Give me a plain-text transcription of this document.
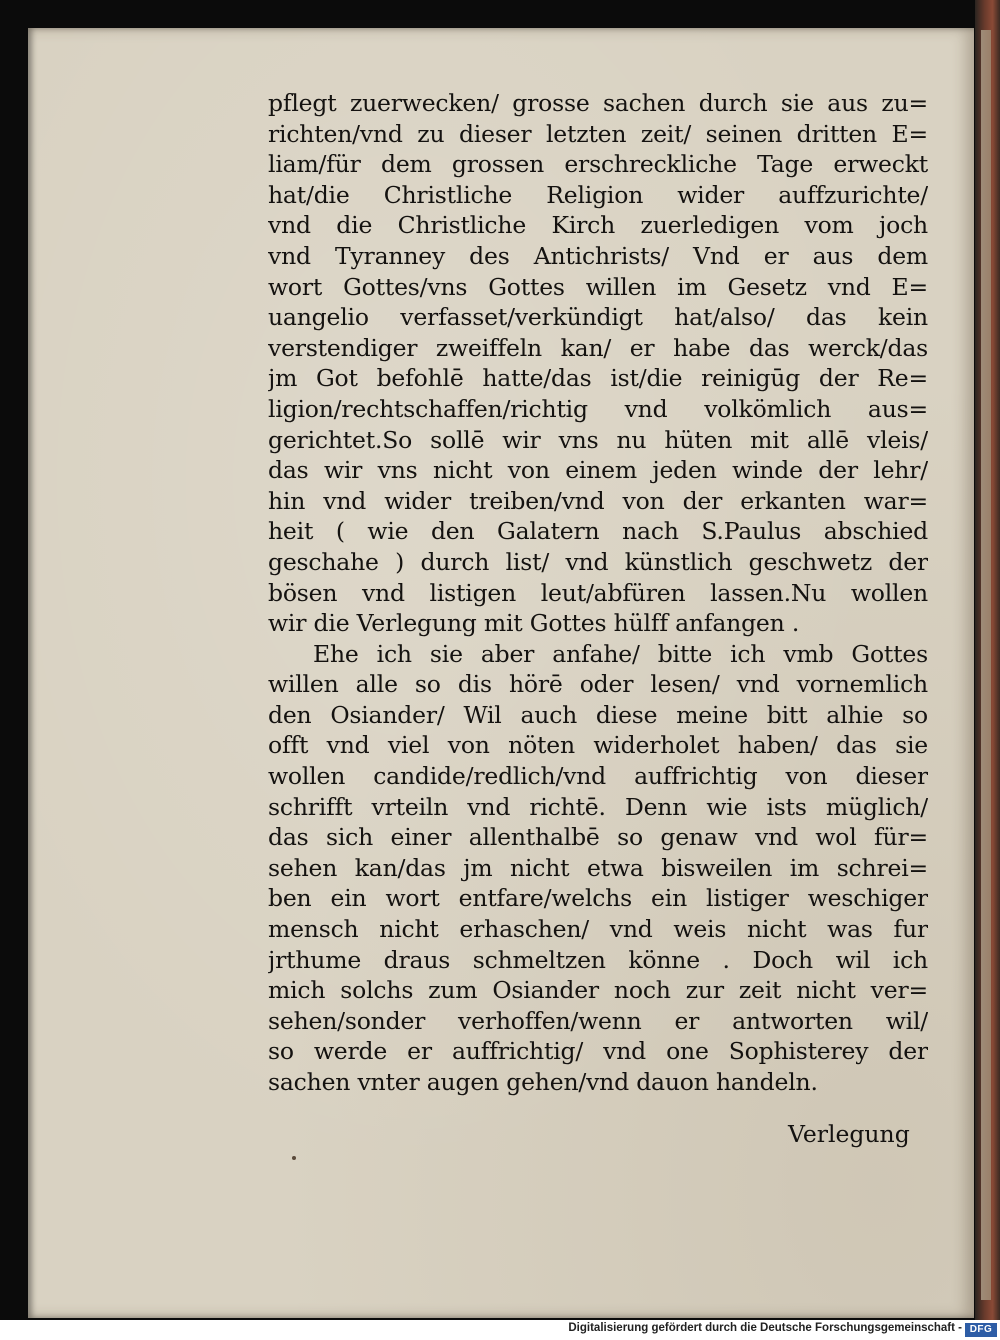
pflegt zuerwecken/ grosse sachen durch sie aus zu=
richten/vnd zu dieser letzten zeit/ seinen dritten E=
liam/für dem grossen erschreckliche Tage erweckt
hat/die Christliche Religion wider auffzurichte/
vnd die Christliche Kirch zuerledigen vom joch
vnd Tyranney des Antichrists/ Vnd er aus dem
wort Gottes/vns Gottes willen im Gesetz vnd E=
uangelio verfasset/verkündigt hat/also/ das kein
verstendiger zweiffeln kan/ er habe das werck/das
jm Got befohlē hatte/das ist/die reinigūg der Re=
ligion/rechtschaffen/richtig vnd volkömlich aus=
gerichtet.So sollē wir vns nu hüten mit allē vleis/
das wir vns nicht von einem jeden winde der lehr/
hin vnd wider treiben/vnd von der erkanten war=
heit ( wie den Galatern nach S.Paulus abschied
geschahe ) durch list/ vnd künstlich geschwetz der
bösen vnd listigen leut/abfüren lassen.Nu wollen
wir die Verlegung mit Gottes hülff anfangen .
Ehe ich sie aber anfahe/ bitte ich vmb Gottes
willen alle so dis hörē oder lesen/ vnd vornemlich
den Osiander/ Wil auch diese meine bitt alhie so
offt vnd viel von nöten widerholet haben/ das sie
wollen candide/redlich/vnd auffrichtig von dieser
schrifft vrteiln vnd richtē. Denn wie ists müglich/
das sich einer allenthalbē so genaw vnd wol für=
sehen kan/das jm nicht etwa bisweilen im schrei=
ben ein wort entfare/welchs ein listiger weschiger
mensch nicht erhaschen/ vnd weis nicht was fur
jrthume draus schmeltzen könne . Doch wil ich
mich solchs zum Osiander noch zur zeit nicht ver=
sehen/sonder verhoffen/wenn er antworten wil/
so werde er auffrichtig/ vnd one Sophisterey der
sachen vnter augen gehen/vnd dauon handeln.
Verlegung
Digitalisierung gefördert durch die Deutsche Forschungsgemeinschaft - DFG
